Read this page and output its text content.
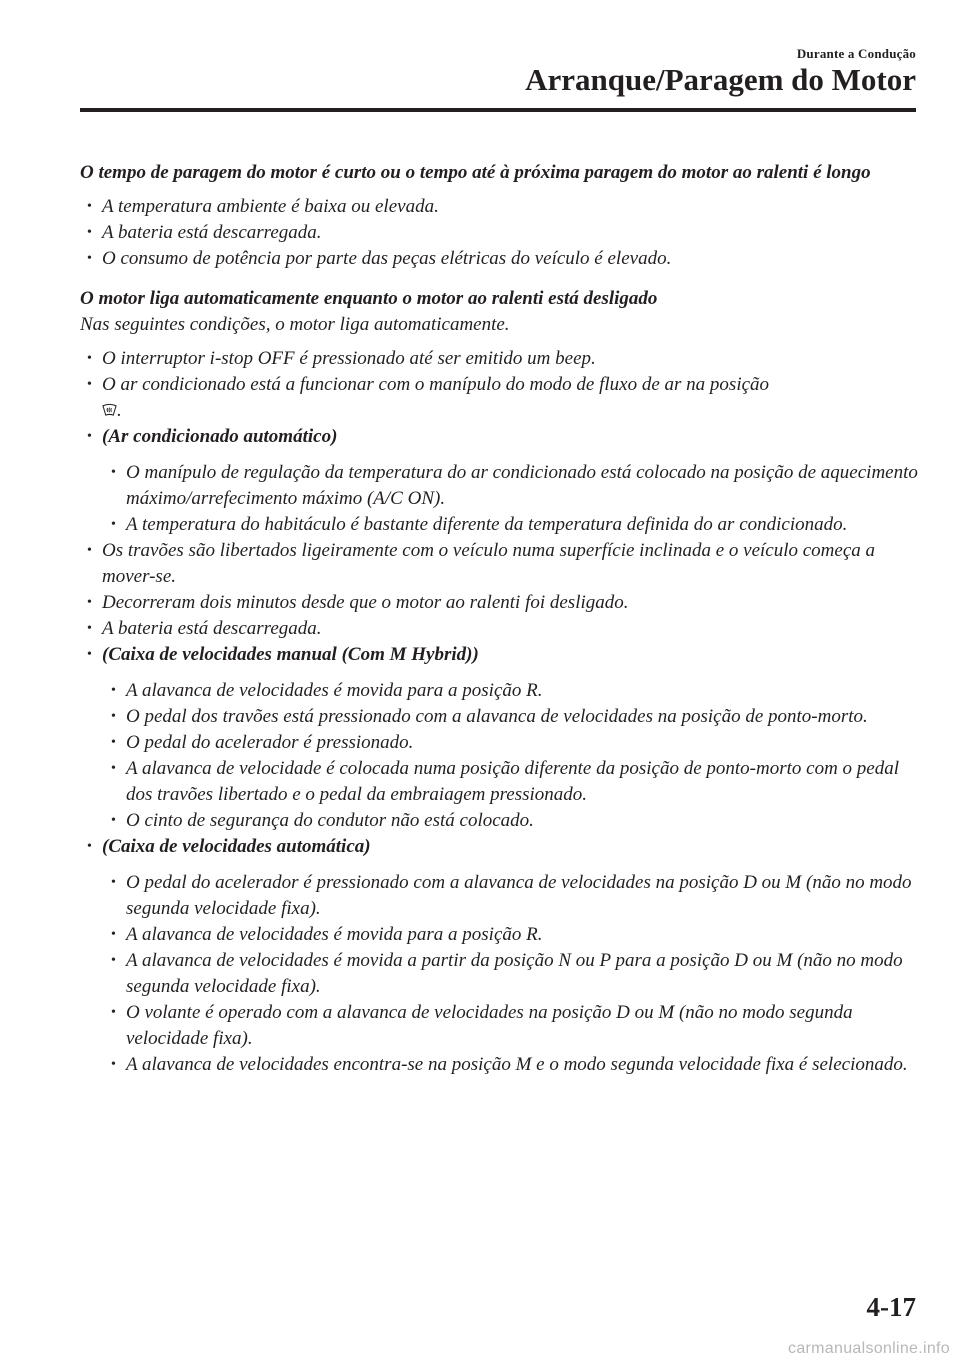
Durante a Condução
Arranque/Paragem do Motor

O tempo de paragem do motor é curto ou o tempo até à próxima paragem do motor ao ralenti é longo

• A temperatura ambiente é baixa ou elevada.
• A bateria está descarregada.
• O consumo de potência por parte das peças elétricas do veículo é elevado.

O motor liga automaticamente enquanto o motor ao ralenti está desligado

Nas seguintes condições, o motor liga automaticamente.

• O interruptor i-stop OFF é pressionado até ser emitido um beep.
• O ar condicionado está a funcionar com o manípulo do modo de fluxo de ar na posição
.
• (Ar condicionado automático)
• O manípulo de regulação da temperatura do ar condicionado está colocado na posição de aquecimento máximo/arrefecimento máximo (A/C ON).
• A temperatura do habitáculo é bastante diferente da temperatura definida do ar condicionado.
• Os travões são libertados ligeiramente com o veículo numa superfície inclinada e o veículo começa a mover-se.
• Decorreram dois minutos desde que o motor ao ralenti foi desligado.
• A bateria está descarregada.
• (Caixa de velocidades manual (Com M Hybrid))
• A alavanca de velocidades é movida para a posição R.
• O pedal dos travões está pressionado com a alavanca de velocidades na posição de ponto-morto.
• O pedal do acelerador é pressionado.
• A alavanca de velocidade é colocada numa posição diferente da posição de ponto-morto com o pedal dos travões libertado e o pedal da embraiagem pressionado.
• O cinto de segurança do condutor não está colocado.
• (Caixa de velocidades automática)
• O pedal do acelerador é pressionado com a alavanca de velocidades na posição D ou M (não no modo segunda velocidade fixa).
• A alavanca de velocidades é movida para a posição R.
• A alavanca de velocidades é movida a partir da posição N ou P para a posição D ou M (não no modo segunda velocidade fixa).
• O volante é operado com a alavanca de velocidades na posição D ou M (não no modo segunda velocidade fixa).
• A alavanca de velocidades encontra-se na posição M e o modo segunda velocidade fixa é selecionado.
4-17
carmanualsonline.info
